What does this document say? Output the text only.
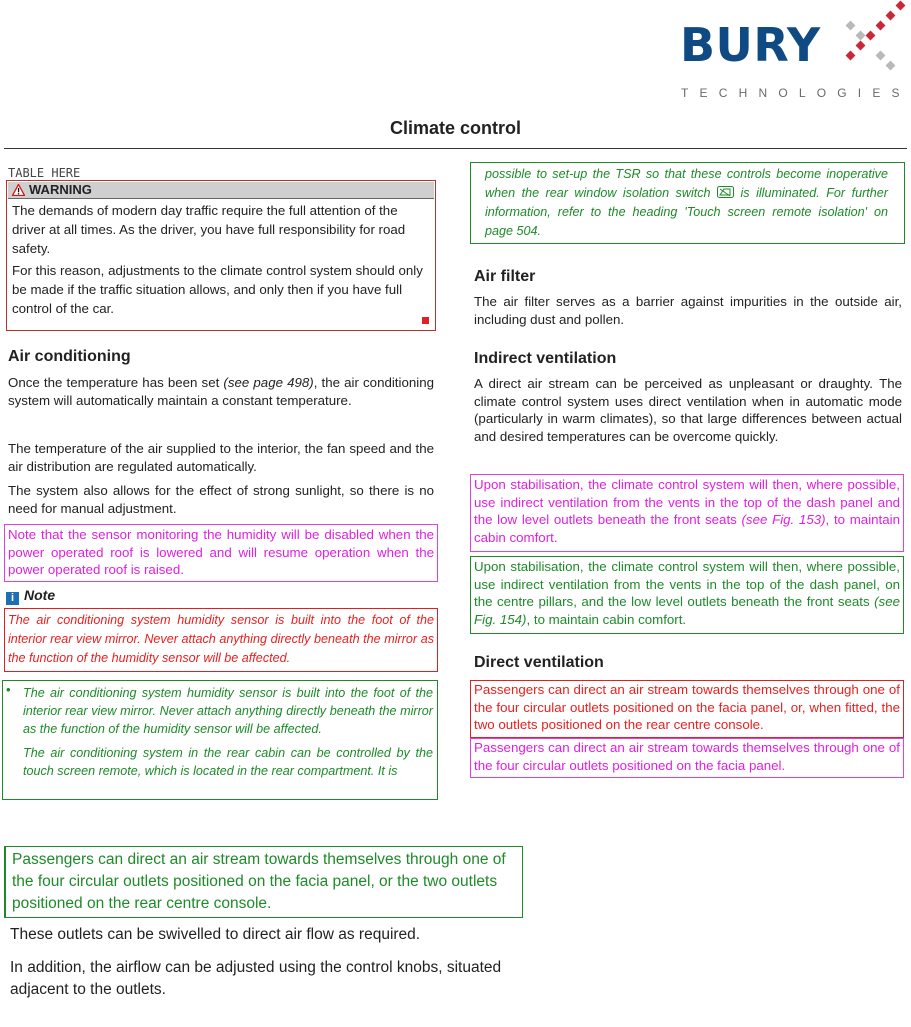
BURY
TECHNOLOGIES
Climate control
TABLE HERE
WARNING

The demands of modern day traffic require the full attention of the driver at all times. As the driver, you have full responsibility for road safety.

For this reason, adjustments to the climate control system should only be made if the traffic situation allows, and only then if you have full control of the car.

Air conditioning

Once the temperature has been set (see page 498), the air conditioning system will automatically maintain a constant temperature.

The temperature of the air supplied to the interior, the fan speed and the air distribution are regulated automatically.

The system also allows for the effect of strong sunlight, so there is no need for manual adjustment.

Note that the sensor monitoring the humidity will be disabled when the power operated roof is lowered and will resume operation when the power operated roof is raised.

i Note

The air conditioning system humidity sensor is built into the foot of the interior rear view mirror. Never attach anything directly beneath the mirror as the function of the humidity sensor will be affected.

• The air conditioning system humidity sensor is built into the foot of the interior rear view mirror. Never attach anything directly beneath the mirror as the function of the humidity sensor will be affected.

• The air conditioning system in the rear cabin can be controlled by the touch screen remote, which is located in the rear compartment. It is

possible to set-up the TSR so that these controls become inoperative when the rear window isolation switch  is illuminated. For further information, refer to the heading 'Touch screen remote isolation' on page 504.

Air filter

The air filter serves as a barrier against impurities in the outside air, including dust and pollen.

Indirect ventilation

A direct air stream can be perceived as unpleasant or draughty. The climate control system uses direct ventilation when in automatic mode (particularly in warm climates), so that large differences between actual and desired temperatures can be overcome quickly.

Upon stabilisation, the climate control system will then, where possible, use indirect ventilation from the vents in the top of the dash panel and the low level outlets beneath the front seats (see Fig. 153), to maintain cabin comfort.

Upon stabilisation, the climate control system will then, where possible, use indirect ventilation from the vents in the top of the dash panel, on the centre pillars, and the low level outlets beneath the front seats (see Fig. 154), to maintain cabin comfort.

Direct ventilation

Passengers can direct an air stream towards themselves through one of the four circular outlets positioned on the facia panel, or, when fitted, the two outlets positioned on the rear centre console.

Passengers can direct an air stream towards themselves through one of the four circular outlets positioned on the facia panel.

Passengers can direct an air stream towards themselves through one of the four circular outlets positioned on the facia panel, or the two outlets positioned on the rear centre console.

These outlets can be swivelled to direct air flow as required.

In addition, the airflow can be adjusted using the control knobs, situated adjacent to the outlets.
